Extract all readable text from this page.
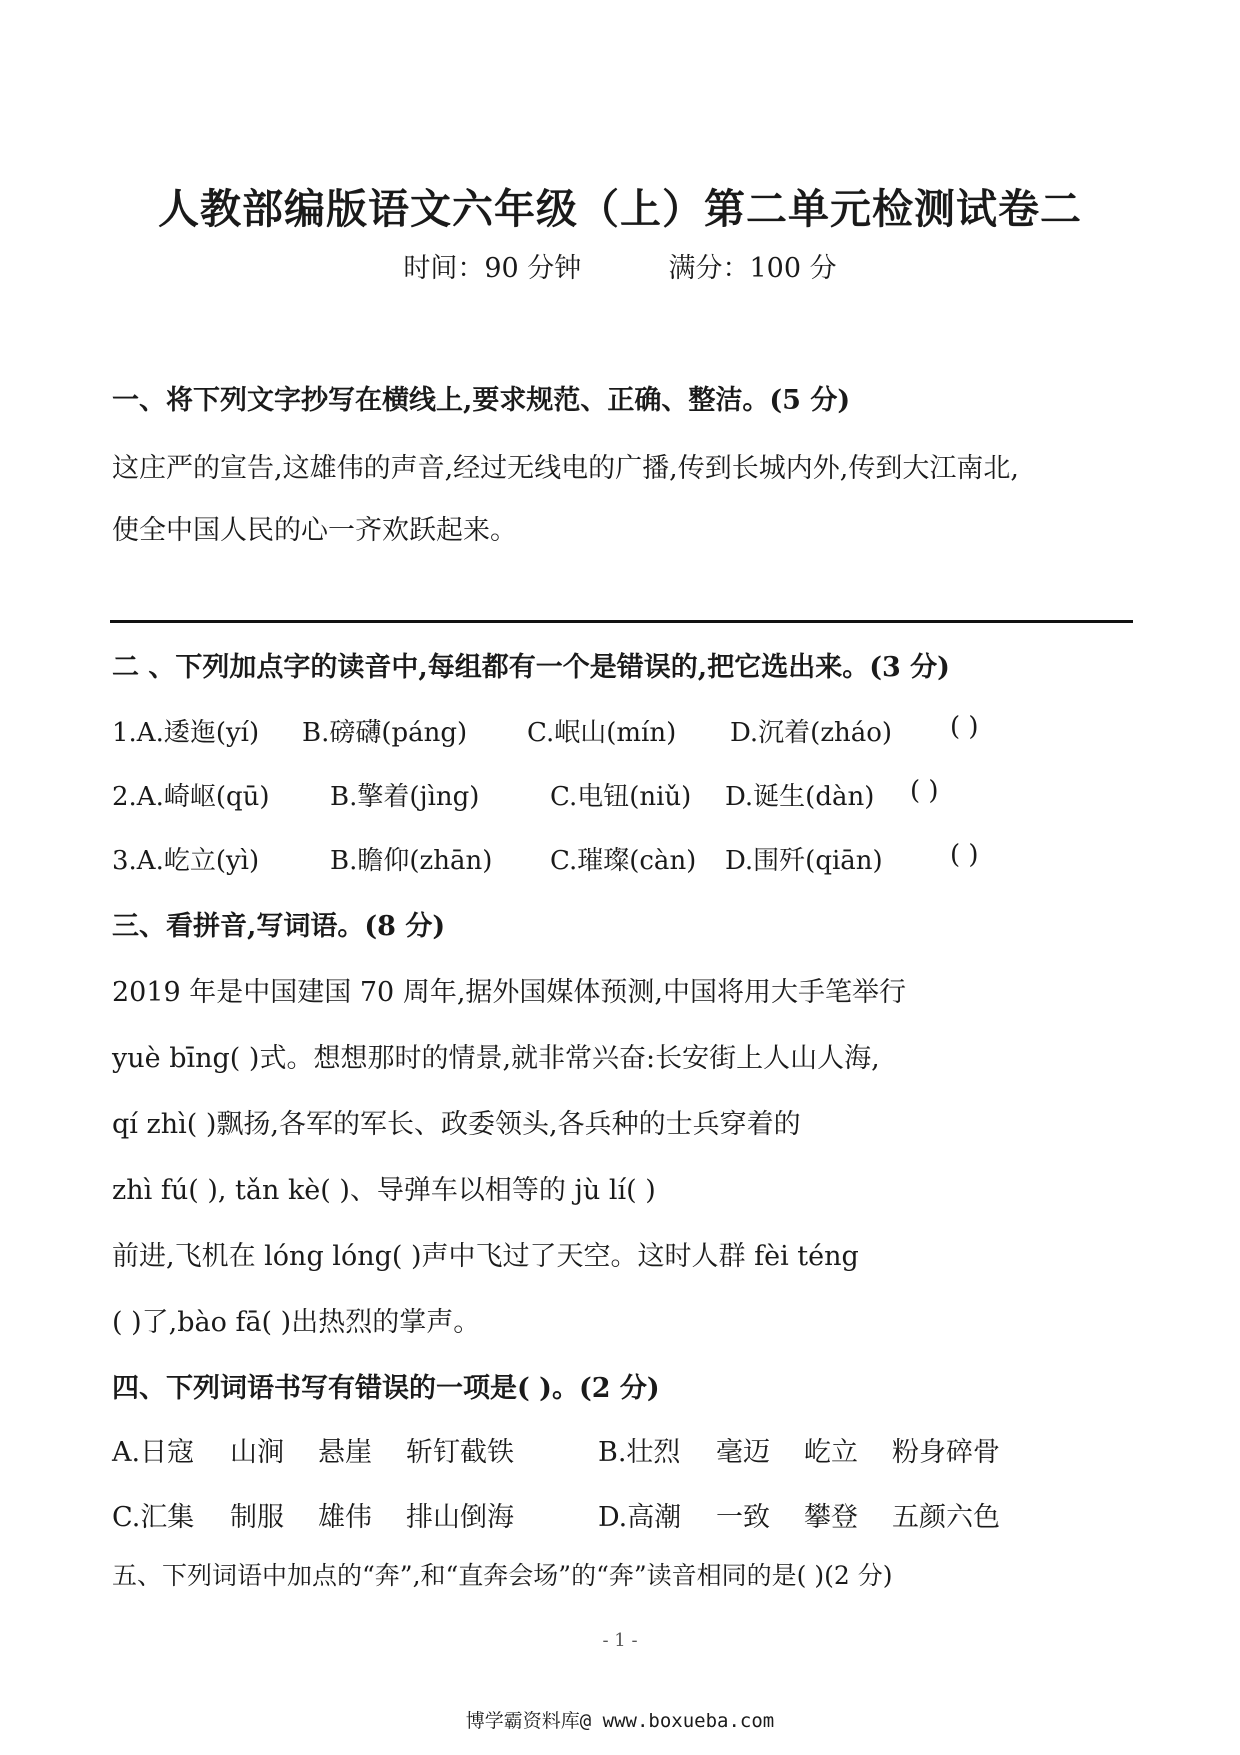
人教部编版语文六年级（上）第二单元检测试卷二
时间：90 分钟	满分：100 分
一、将下列文字抄写在横线上,要求规范、正确、整洁。(5 分)
这庄严的宣告,这雄伟的声音,经过无线电的广播,传到长城内外,传到大江南北,
使全中国人民的心一齐欢跃起来。
二 、下列加点字的读音中,每组都有一个是错误的,把它选出来。(3 分)
1.A.逶迤(yí)	B.磅礴(páng)	C.岷山(mín)	D.沉着(zháo)	( )
2.A.崎岖(qū)	B.擎着(jìng)	C.电钮(niǔ)	D.诞生(dàn)	( )
3.A.屹立(yì)	B.瞻仰(zhān)	C.璀璨(càn)	D.围歼(qiān)	( )
三、看拼音,写词语。(8 分)
2019 年是中国建国 70 周年,据外国媒体预测,中国将用大手笔举行
yuè bīng( )式。想想那时的情景,就非常兴奋:长安街上人山人海,
qí zhì( )飘扬,各军的军长、政委领头,各兵种的士兵穿着的
zhì fú( ), tǎn kè( )、导弹车以相等的 jù lí( )
前进,飞机在 lóng lóng( )声中飞过了天空。这时人群 fèi téng
( )了,bào fā( )出热烈的掌声。
四、下列词语书写有错误的一项是( )。(2 分)
A.日寇	山涧	悬崖	斩钉截铁	B.壮烈	毫迈	屹立	粉身碎骨
C.汇集	制服	雄伟	排山倒海	D.高潮	一致	攀登	五颜六色
五、下列词语中加点的“奔”,和“直奔会场”的“奔”读音相同的是( )(2 分)
- 1 -
博学霸资料库@ www.boxueba.com
